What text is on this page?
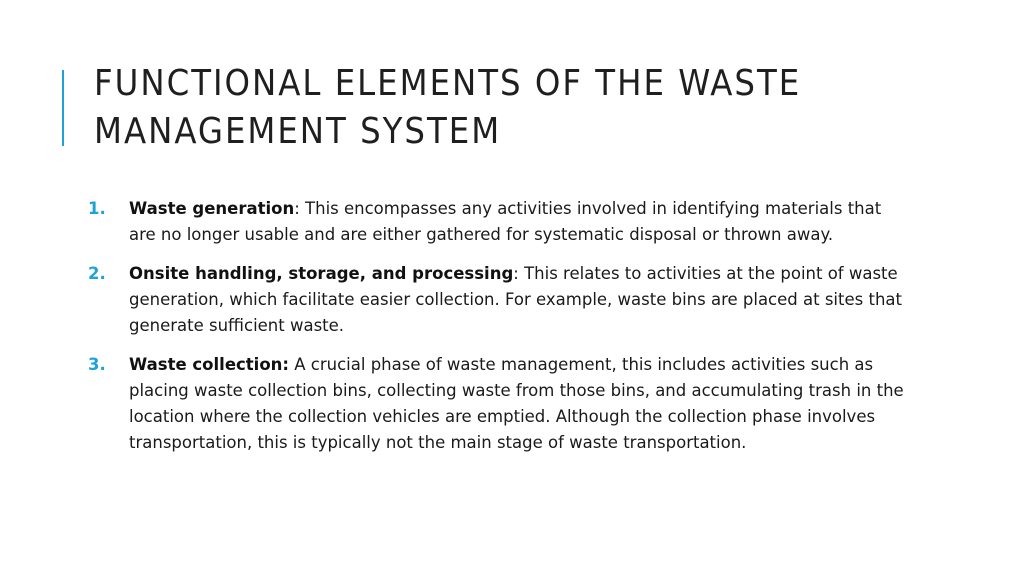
FUNCTIONAL ELEMENTS OF THE WASTE
MANAGEMENT SYSTEM
1. Waste generation: This encompasses any activities involved in identifying materials that are no longer usable and are either gathered for systematic disposal or thrown away.
2. Onsite handling, storage, and processing: This relates to activities at the point of waste generation, which facilitate easier collection. For example, waste bins are placed at sites that generate sufficient waste.
3. Waste collection: A crucial phase of waste management, this includes activities such as placing waste collection bins, collecting waste from those bins, and accumulating trash in the location where the collection vehicles are emptied. Although the collection phase involves transportation, this is typically not the main stage of waste transportation.
